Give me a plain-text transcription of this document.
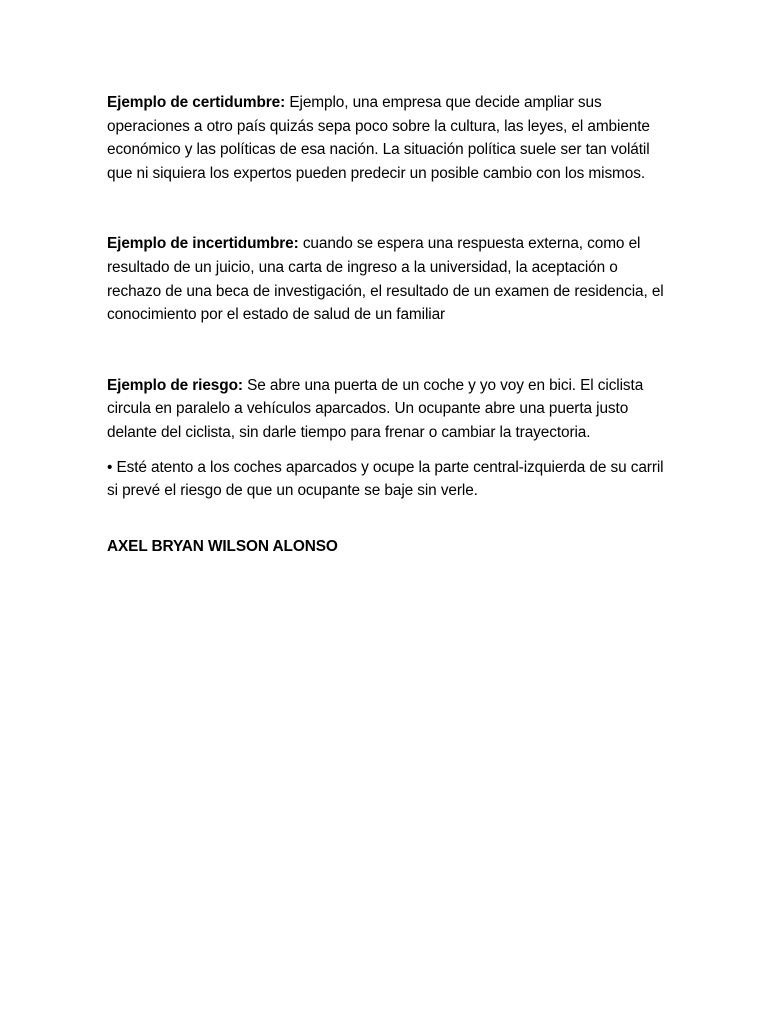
Ejemplo de certidumbre: Ejemplo, una empresa que decide ampliar sus operaciones a otro país quizás sepa poco sobre la cultura, las leyes, el ambiente económico y las políticas de esa nación. La situación política suele ser tan volátil que ni siquiera los expertos pueden predecir un posible cambio con los mismos.

Ejemplo de incertidumbre: cuando se espera una respuesta externa, como el resultado de un juicio, una carta de ingreso a la universidad, la aceptación o rechazo de una beca de investigación, el resultado de un examen de residencia, el conocimiento por el estado de salud de un familiar

Ejemplo de riesgo: Se abre una puerta de un coche y yo voy en bici. El ciclista circula en paralelo a vehículos aparcados. Un ocupante abre una puerta justo delante del ciclista, sin darle tiempo para frenar o cambiar la trayectoria.

• Esté atento a los coches aparcados y ocupe la parte central-izquierda de su carril si prevé el riesgo de que un ocupante se baje sin verle.

AXEL BRYAN WILSON ALONSO
